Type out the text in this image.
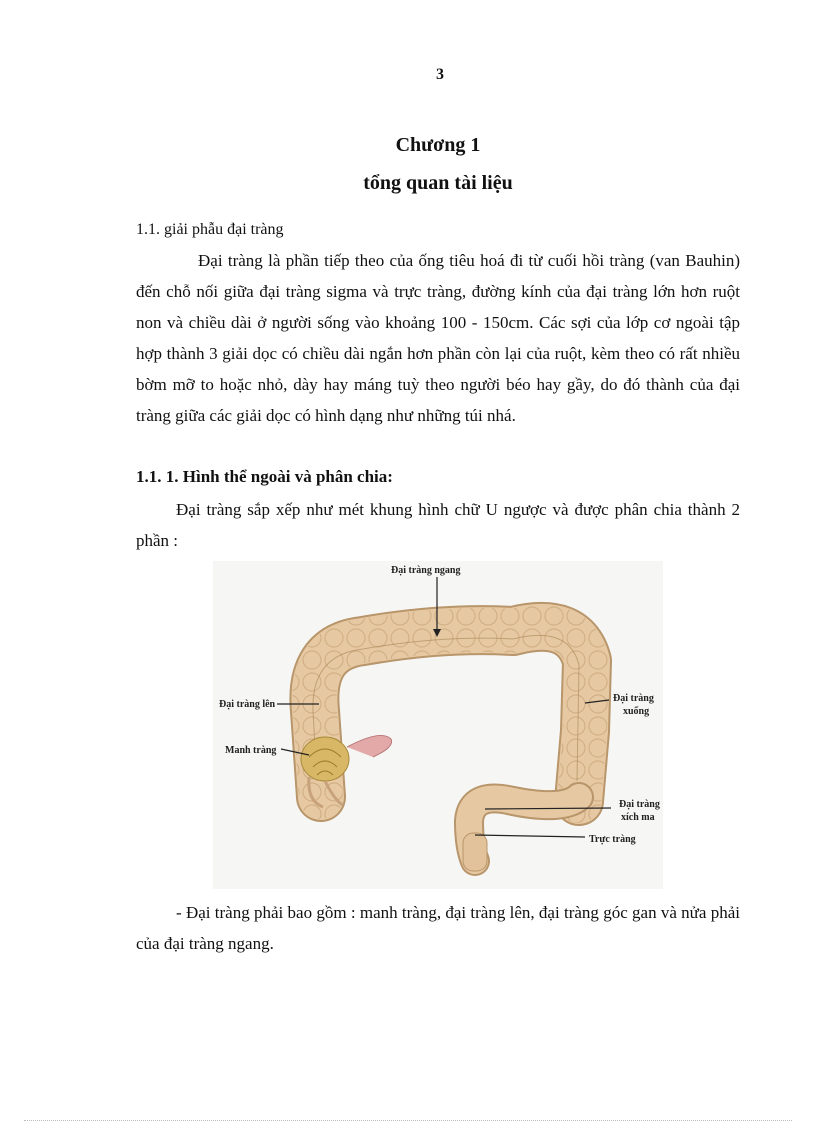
3
Chương 1
tổng quan tài liệu
1.1. giải phẫu đại tràng
Đại tràng là phần tiếp theo của ống tiêu hoá đi từ cuối hồi tràng (van Bauhin) đến chỗ nối giữa đại tràng sigma và trực tràng, đường kính của đại tràng lớn hơn ruột non và chiều dài ở người sống vào khoảng 100 - 150cm. Các sợi của lớp cơ ngoài tập hợp thành 3 giải dọc có chiều dài ngắn hơn phần còn lại của ruột, kèm theo có rất nhiều bờm mỡ to hoặc nhỏ, dày hay máng tuỳ theo người béo hay gầy, do đó thành của đại tràng giữa các giải dọc có hình dạng như những túi nhá.
1.1. 1. Hình thể ngoài và phân chia:
Đại tràng sắp xếp như mét khung hình chữ U ngược và được phân chia thành 2 phần :
Đại tràng ngang
Đại tràng lên
Manh tràng
Đại tràng
xuống
Đại tràng
xích ma
Trực tràng
- Đại tràng phải bao gồm : manh tràng, đại tràng lên, đại tràng góc gan và nửa phải của đại tràng ngang.
